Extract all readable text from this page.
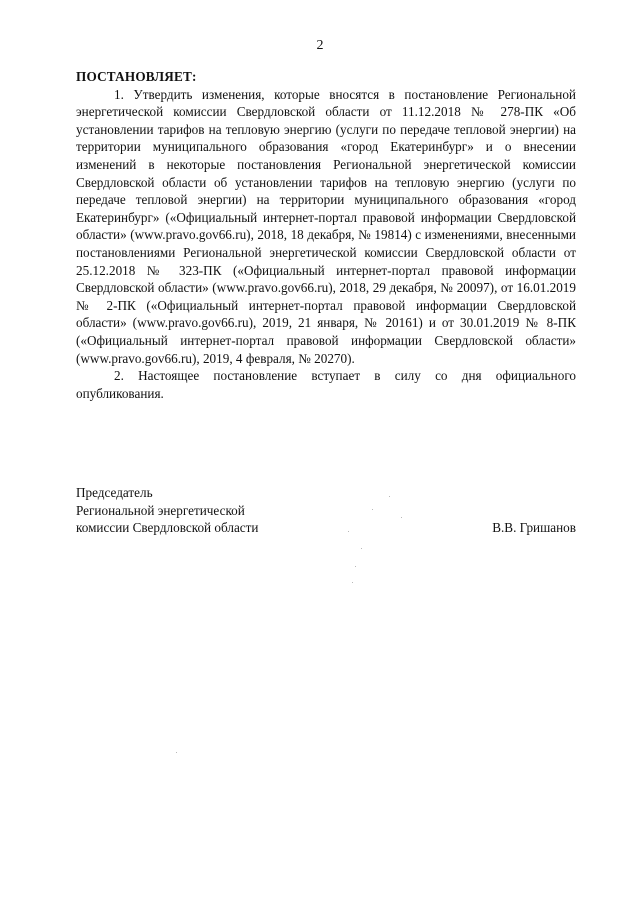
2

ПОСТАНОВЛЯЕТ:

1. Утвердить изменения, которые вносятся в постановление Региональной энергетической комиссии Свердловской области от 11.12.2018 № 278-ПК «Об установлении тарифов на тепловую энергию (услуги по передаче тепловой энергии) на территории муниципального образования «город Екатеринбург» и о внесении изменений в некоторые постановления Региональной энергетической комиссии Свердловской области об установлении тарифов на тепловую энергию (услуги по передаче тепловой энергии) на территории муниципального образования «город Екатеринбург» («Официальный интернет-портал правовой информации Свердловской области» (www.pravo.gov66.ru), 2018, 18 декабря, № 19814) с изменениями, внесенными постановлениями Региональной энергетической комиссии Свердловской области от 25.12.2018 № 323-ПК («Официальный интернет-портал правовой информации Свердловской области» (www.pravo.gov66.ru), 2018, 29 декабря, № 20097), от 16.01.2019 № 2-ПК («Официальный интернет-портал правовой информации Свердловской области» (www.pravo.gov66.ru), 2019, 21 января, № 20161) и от 30.01.2019 № 8-ПК («Официальный интернет-портал правовой информации Свердловской области» (www.pravo.gov66.ru), 2019, 4 февраля, № 20270).

2. Настоящее постановление вступает в силу со дня официального опубликования.

Председатель
Региональной энергетической
комиссии Свердловской области	В.В. Гришанов
